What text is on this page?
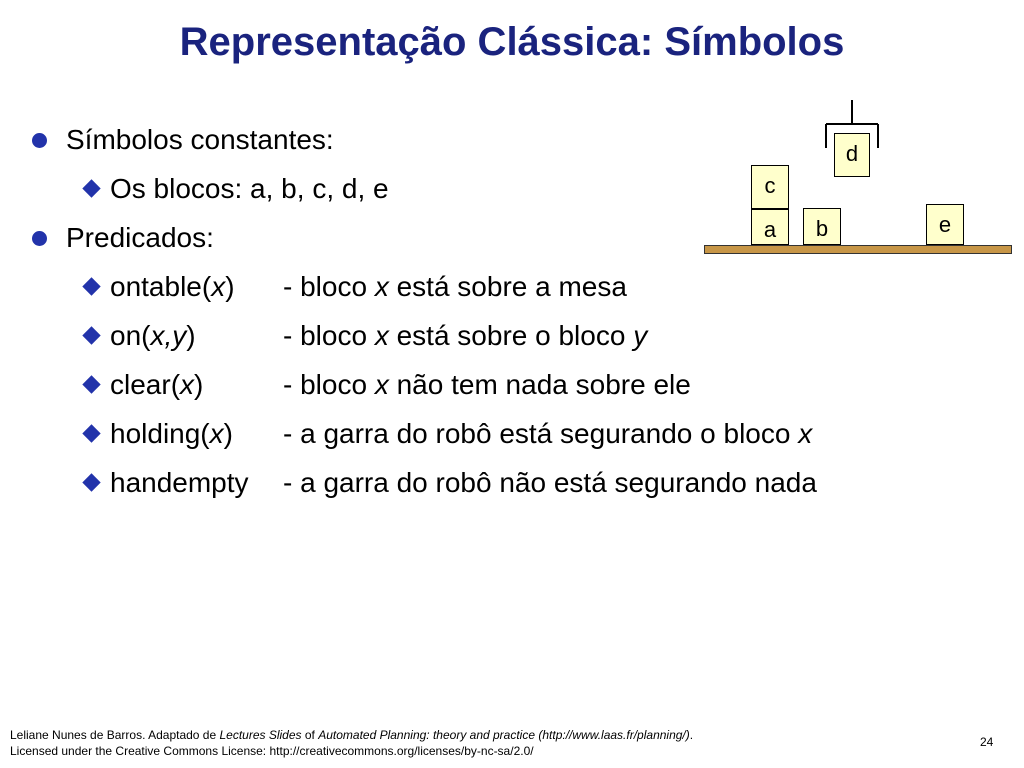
Representação Clássica: Símbolos
Símbolos constantes:
Os blocos: a, b, c, d, e
Predicados:
ontable(x) - bloco x está sobre a mesa
on(x,y)	- bloco x está sobre o bloco y
clear(x)	- bloco x não tem nada sobre ele
holding(x) - a garra do robô está segurando o bloco x
handempty - a garra do robô não está segurando nada
d
c
a	b	e
Leliane Nunes de Barros. Adaptado de Lectures Slides of Automated Planning: theory and practice (http://www.laas.fr/planning/).
Licensed under the Creative Commons License: http://creativecommons.org/licenses/by-nc-sa/2.0/
24
